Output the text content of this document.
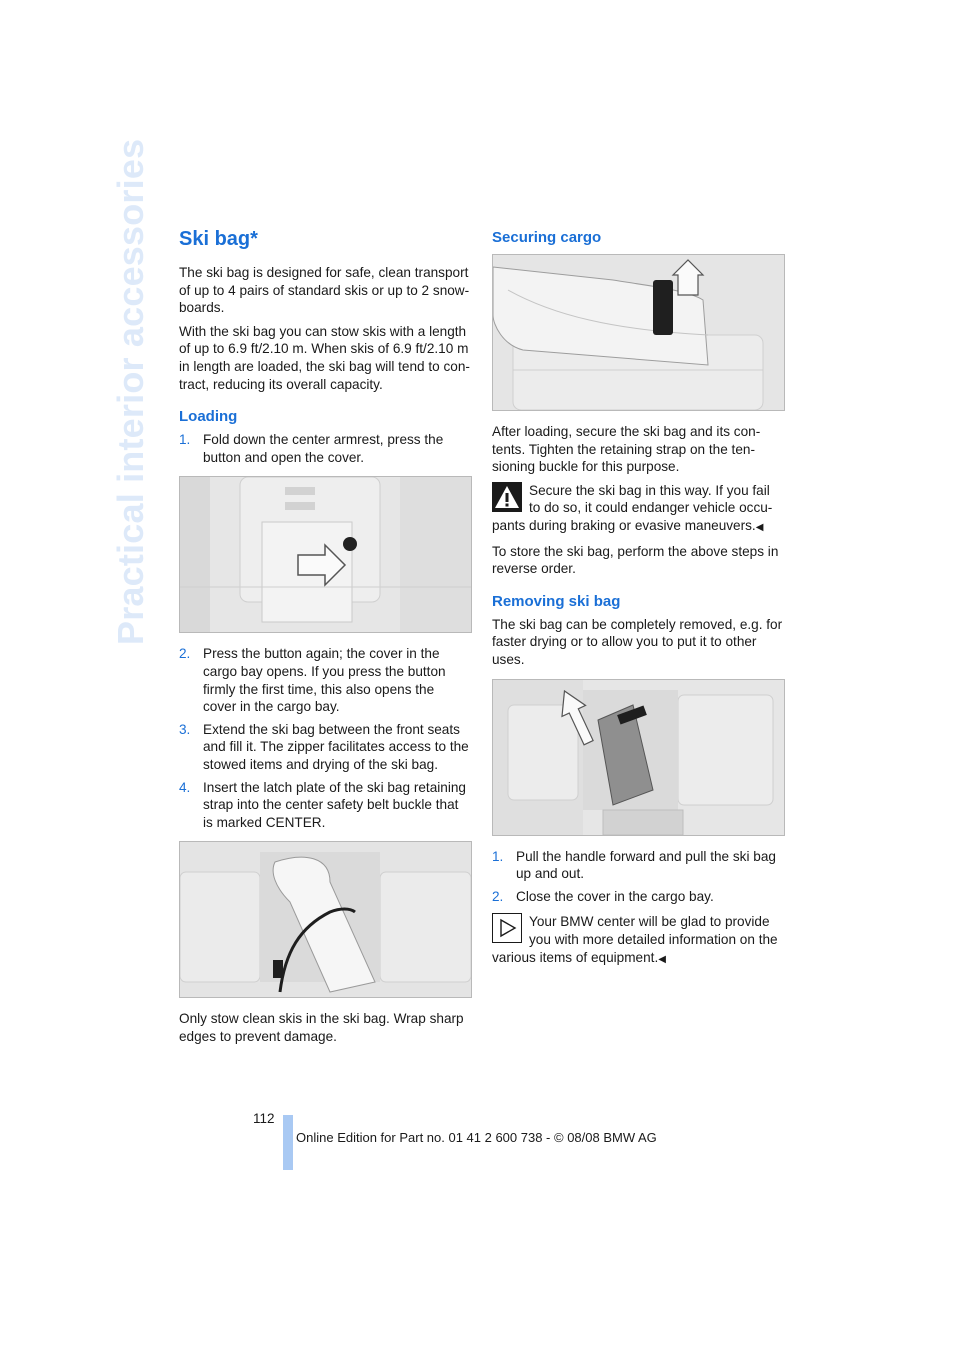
Practical interior accessories Ski bag*

The ski bag is designed for safe, clean transport of up to 4 pairs of standard skis or up to 2 snow-boards.

With the ski bag you can stow skis with a length of up to 6.9 ft/2.10 m. When skis of 6.9 ft/2.10 m in length are loaded, the ski bag will tend to con-tract, reducing its overall capacity.

Loading
1. Fold down the center armrest, press the button and open the cover.
2. Press the button again; the cover in the cargo bay opens. If you press the button firmly the first time, this also opens the cover in the cargo bay.
3. Extend the ski bag between the front seats and fill it. The zipper facilitates access to the stowed items and drying of the ski bag.
4. Insert the latch plate of the ski bag retaining strap into the center safety belt buckle that is marked CENTER.

Only stow clean skis in the ski bag. Wrap sharp edges to prevent damage.

Securing cargo

After loading, secure the ski bag and its con-tents. Tighten the retaining strap on the ten-sioning buckle for this purpose.

Secure the ski bag in this way. If you fail to do so, it could endanger vehicle occu-pants during braking or evasive maneuvers.◀

To store the ski bag, perform the above steps in reverse order.

Removing ski bag

The ski bag can be completely removed, e.g. for faster drying or to allow you to put it to other uses.

1. Pull the handle forward and pull the ski bag up and out.
2. Close the cover in the cargo bay.
Your BMW center will be glad to provide you with more detailed information on the various items of equipment.◀
112
Online Edition for Part no. 01 41 2 600 738 - © 08/08 BMW AG
